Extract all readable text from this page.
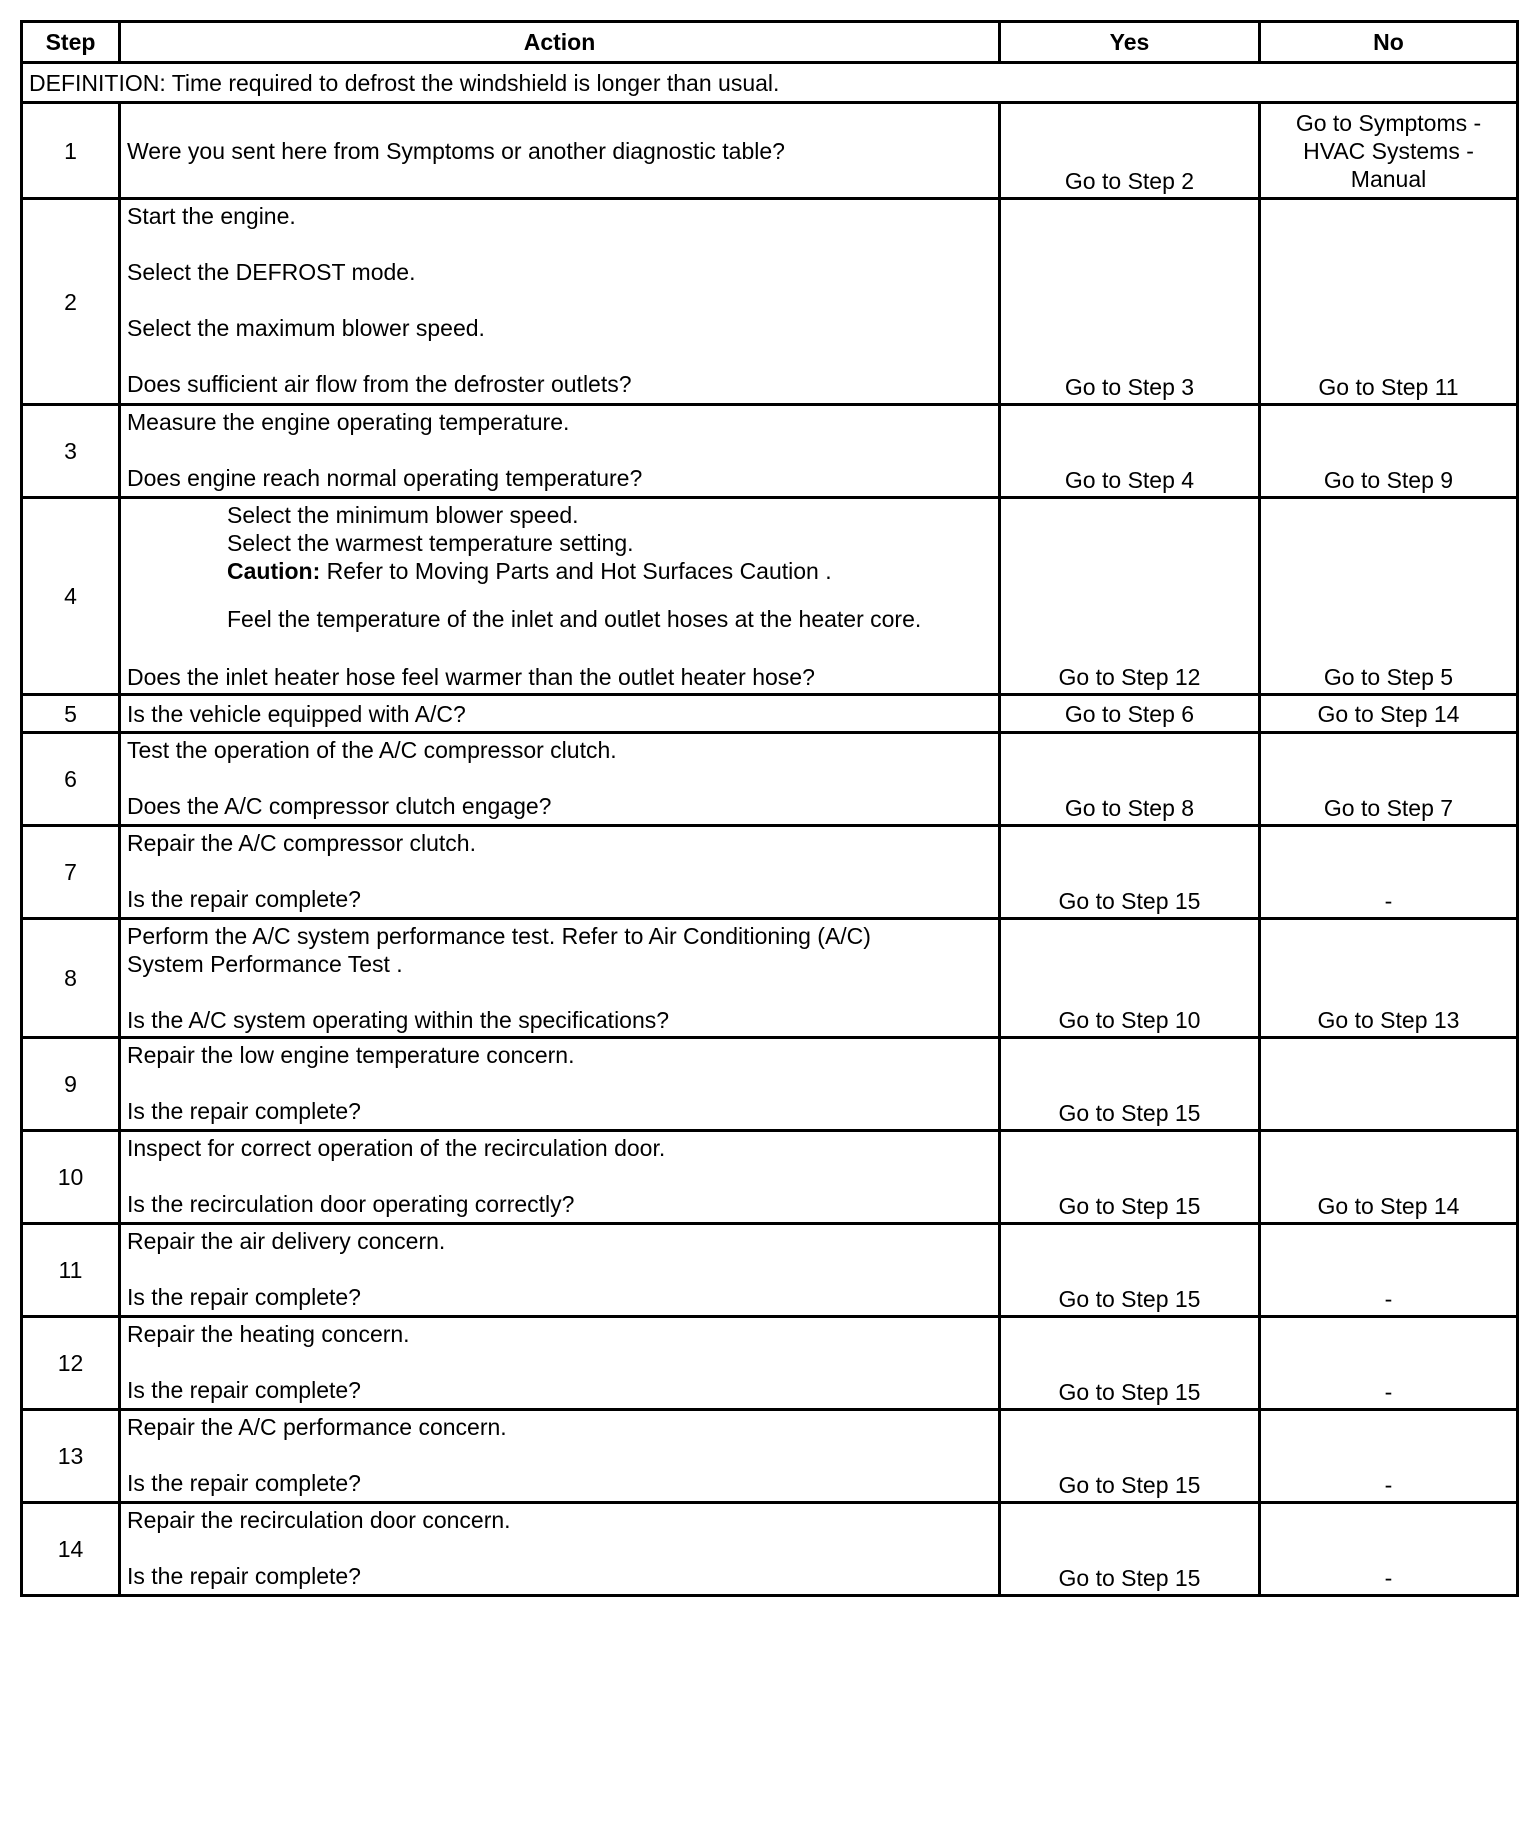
Step	Action	Yes	No
DEFINITION: Time required to defrost the windshield is longer than usual.			
1	Were you sent here from Symptoms or another diagnostic table?	Go to Step 2	Go to Symptoms - HVAC Systems - Manual
2	Start the engine.
Select the DEFROST mode.
Select the maximum blower speed.
Does sufficient air flow from the defroster outlets?	Go to Step 3	Go to Step 11
3	Measure the engine operating temperature.
Does engine reach normal operating temperature?	Go to Step 4	Go to Step 9
4	Select the minimum blower speed.
Select the warmest temperature setting.
Caution: Refer to Moving Parts and Hot Surfaces Caution .
Feel the temperature of the inlet and outlet hoses at the heater core.
Does the inlet heater hose feel warmer than the outlet heater hose?	Go to Step 12	Go to Step 5
5	Is the vehicle equipped with A/C?	Go to Step 6	Go to Step 14
6	Test the operation of the A/C compressor clutch.
Does the A/C compressor clutch engage?	Go to Step 8	Go to Step 7
7	Repair the A/C compressor clutch.
Is the repair complete?	Go to Step 15	-
8	Perform the A/C system performance test. Refer to Air Conditioning (A/C) System Performance Test .
Is the A/C system operating within the specifications?	Go to Step 10	Go to Step 13
9	Repair the low engine temperature concern.
Is the repair complete?	Go to Step 15	
10	Inspect for correct operation of the recirculation door.
Is the recirculation door operating correctly?	Go to Step 15	Go to Step 14
11	Repair the air delivery concern.
Is the repair complete?	Go to Step 15	-
12	Repair the heating concern.
Is the repair complete?	Go to Step 15	-
13	Repair the A/C performance concern.
Is the repair complete?	Go to Step 15	-
14	Repair the recirculation door concern.
Is the repair complete?	Go to Step 15	-
